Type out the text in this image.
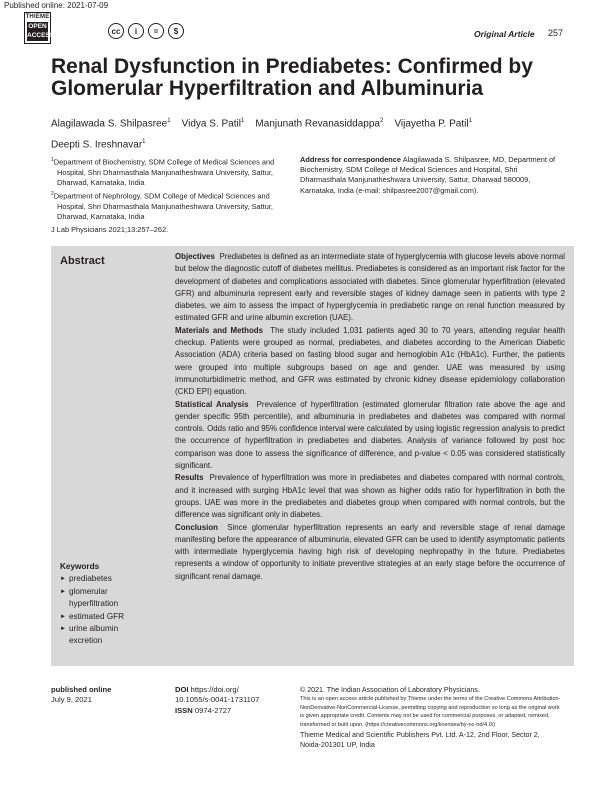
Published online: 2021-07-09
THIEME
OPEN ACCESS	cc	i	=	$	Original Article 257
Renal Dysfunction in Prediabetes: Confirmed by Glomerular Hyperfiltration and Albuminuria
Alagilawada S. Shilpasree$^1$ Vidya S. Patil$^1$ Manjunath Revanasiddappa$^2$ Vijayetha P. Patil$^1$
Deepti S. Ireshnavar$^1$

$^1$Department of Biochemistry, SDM College of Medical Sciences and Hospital, Shri Dharmasthala Manjunatheshwara University, Sattur, Dharwad, Karnataka, India

$^2$Department of Nephrology, SDM College of Medical Sciences and Hospital, Shri Dharmasthala Manjunatheshwara University, Sattur, Dharwad, Karnataka, India

Address for correspondence Alagilawada S. Shilpasree, MD, Department of Biochemistry, SDM College of Medical Sciences and Hospital, Shri Dharmasthala Manjunatheshwara University, Sattur, Dharwad 580009, Karnataka, India (e-mail: shilpasree2007@gmail.com).
J Lab Physicians 2021;13:257–262.
Abstract	Objectives Prediabetes is defined as an intermediate state of hyperglycemia with glucose levels above normal but below the diagnostic cutoff of diabetes mellitus. Prediabetes is considered as an important risk factor for the development of diabetes and complications associated with diabetes. Since glomerular hyperfiltration (elevated GFR) and albuminuria represent early and reversible stages of kidney damage seen in patients with type 2 diabetes, we aim to assess the impact of hyperglycemia in prediabetic range on renal function measured by estimated GFR and urine albumin excretion (UAE).

Materials and Methods The study included 1,031 patients aged 30 to 70 years, attending regular health checkup. Patients were grouped as normal, prediabetes, and diabetes according to the American Diabetic Association (ADA) criteria based on fasting blood sugar and hemoglobin A1c (HbA1c). Further, the patients were grouped into multiple subgroups based on age and gender. UAE was measured by using immunoturbidimetric method, and GFR was estimated by chronic kidney disease epidemiology collaboration (CKD EPI) equation.

Statistical Analysis Prevalence of hyperfiltration (estimated glomerular filtration rate above the age and gender specific 95th percentile), and albuminuria in prediabetes and diabetes was compared with normal controls. Odds ratio and 95% confidence interval were calculated by using logistic regression analysis to predict the occurrence of hyperfiltration in prediabetes and diabetes. Analysis of variance followed by post hoc comparison was done to assess the significance of difference, and p-value < 0.05 was considered statistically significant.

Results Prevalence of hyperfiltration was more in prediabetes and diabetes compared with normal controls, and it increased with surging HbA1c level that was shown as higher odds ratio for hyperfiltration in both the groups. UAE was more in the prediabetes and diabetes group when compared with normal controls, but the difference was significant only in diabetes.

Conclusion Since glomerular hyperfiltration represents an early and reversible stage of renal damage manifesting before the appearance of albuminuria, elevated GFR can be used to identify asymptomatic patients with intermediate hyperglycemia having high risk of developing nephropathy in the future. Prediabetes represents a window of opportunity to initiate preventive strategies at an early stage before the occurrence of significant renal damage.

Keywords
► prediabetes
► glomerular hyperfiltration
► estimated GFR
► urine albumin excretion
published online
July 9, 2021
DOI https://doi.org/
10.1055/s-0041-1731107
ISSN 0974-2727
© 2021. The Indian Association of Laboratory Physicians.
This is an open access article published by Thieme under the terms of the Creative Commons Attribution-NonDerivative-NonCommercial-License, permitting copying and reproduction so long as the original work is given appropriate credit. Contents may not be used for commercial purposes, or adapted, remixed, transformed or built upon. (https://creativecommons.org/licenses/by-nc-nd/4.0/)
Thieme Medical and Scientific Publishers Pvt. Ltd. A-12, 2nd Floor, Sector 2, Noida-201301 UP, India
